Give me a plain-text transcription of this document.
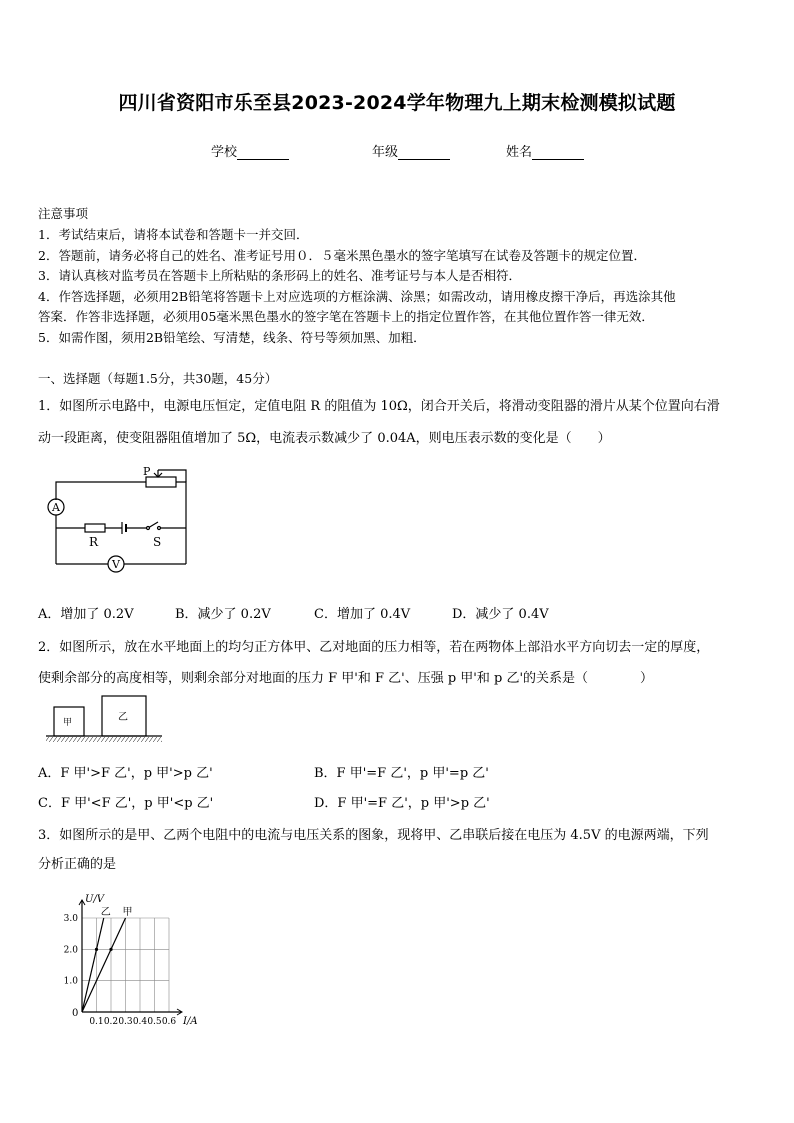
四川省资阳市乐至县2023-2024学年物理九上期末检测模拟试题
学校	年级	姓名
注意事项
1．考试结束后，请将本试卷和答题卡一并交回．
2．答题前，请务必将自己的姓名、准考证号用０．５毫米黑色墨水的签字笔填写在试卷及答题卡的规定位置．
3．请认真核对监考员在答题卡上所粘贴的条形码上的姓名、准考证号与本人是否相符．
4．作答选择题，必须用2B铅笔将答题卡上对应选项的方框涂满、涂黑；如需改动，请用橡皮擦干净后，再选涂其他
答案．作答非选择题，必须用05毫米黑色墨水的签字笔在答题卡上的指定位置作答，在其他位置作答一律无效．
5．如需作图，须用2B铅笔绘、写清楚，线条、符号等须加黑、加粗．
一、选择题（每题1.5分，共30题，45分）
1．如图所示电路中，电源电压恒定，定值电阻 R 的阻值为 10Ω，闭合开关后，将滑动变阻器的滑片从某个位置向右滑
动一段距离，使变阻器阻值增加了 5Ω，电流表示数减少了 0.04A，则电压表示数的变化是（　　）
P
A
R	S
V
A．增加了 0.2V	B．减少了 0.2V	C．增加了 0.4V	D．减少了 0.4V
2．如图所示，放在水平地面上的均匀正方体甲、乙对地面的压力相等，若在两物体上部沿水平方向切去一定的厚度，
使剩余部分的高度相等，则剩余部分对地面的压力 F 甲'和 F 乙'、压强 p 甲'和 p 乙'的关系是（　　　　）
甲	乙
A．F 甲'>F 乙'，p 甲'>p 乙'	B．F 甲'=F 乙'，p 甲'=p 乙'
C．F 甲'<F 乙'，p 甲'<p 乙'	D．F 甲'=F 乙'，p 甲'>p 乙'
3．如图所示的是甲、乙两个电阻中的电流与电压关系的图象，现将甲、乙串联后接在电压为 4.5V 的电源两端，下列
分析正确的是
乙 甲
0.1 0.2 0.3 0.4 0.5 0.6
1.0
2.0
3.0
U/V
I/A
0
